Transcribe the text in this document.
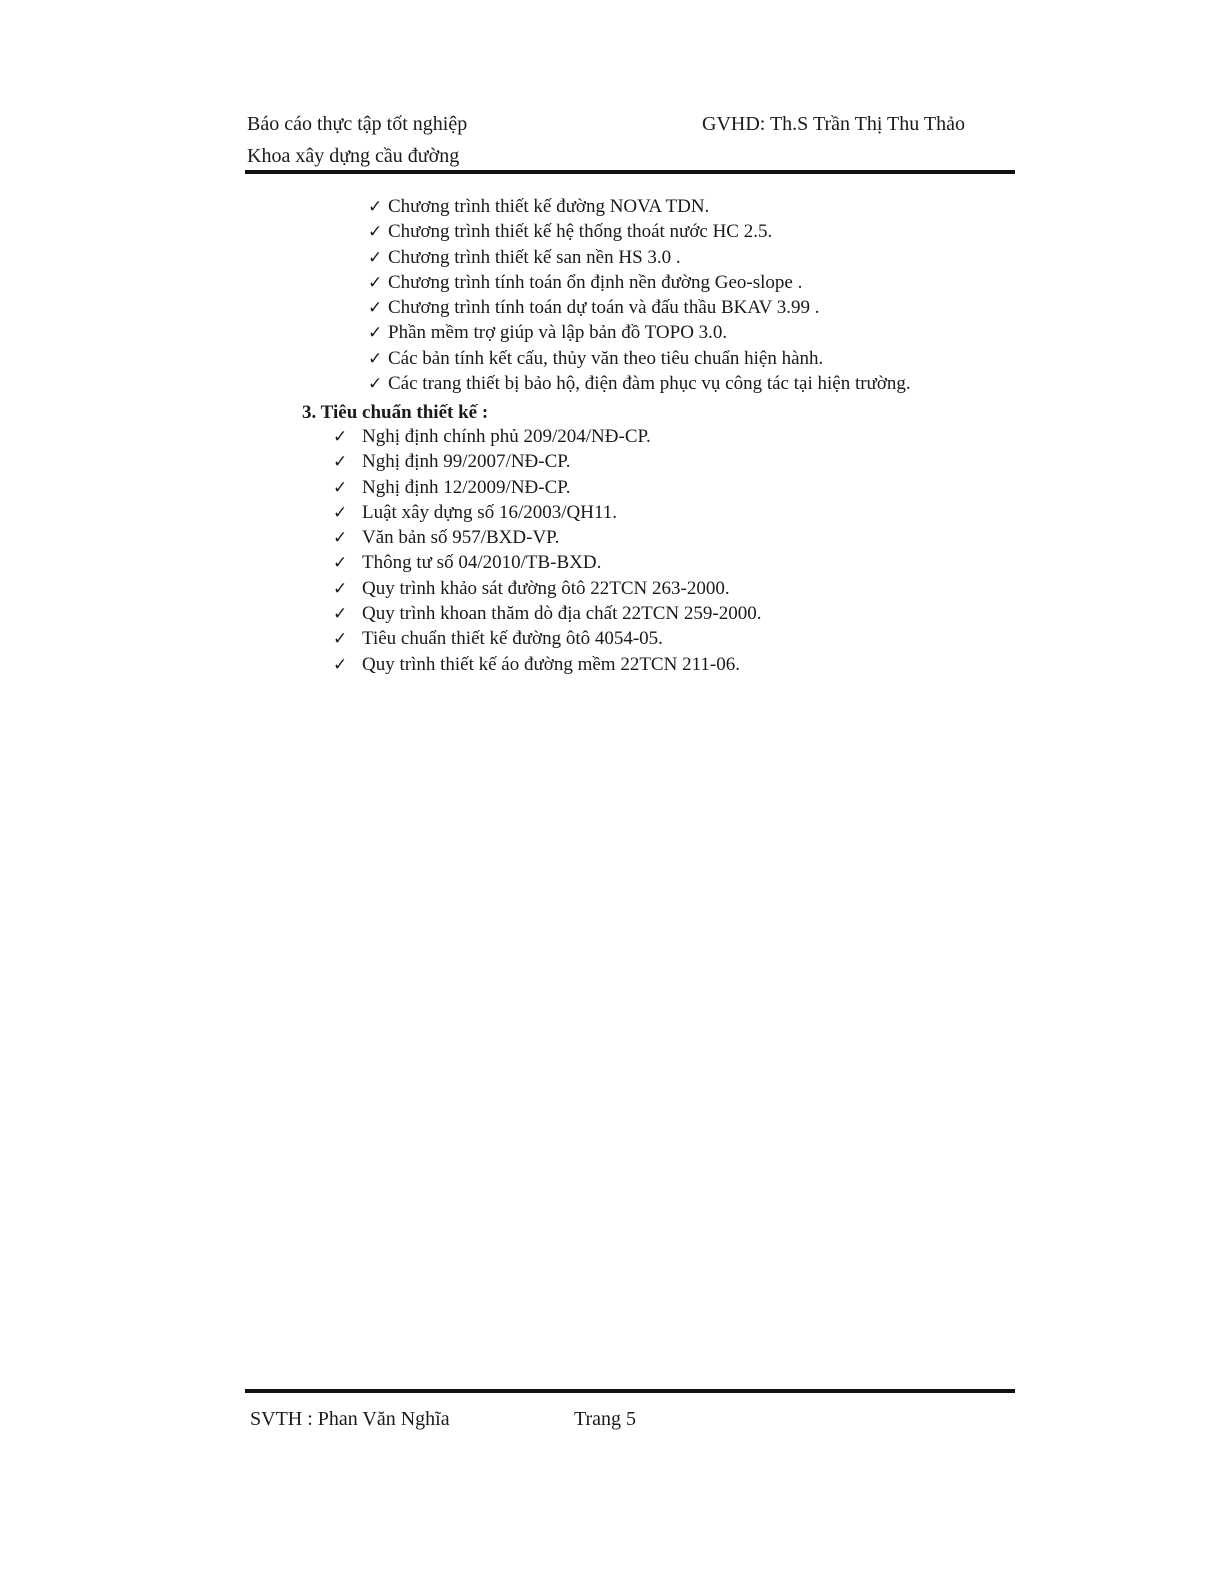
Báo cáo thực tập tốt nghiệp
Khoa xây dựng cầu đường
GVHD: Th.S Trần Thị Thu Thảo
✓ Chương trình thiết kế đường NOVA TDN.
✓ Chương trình thiết kế hệ thống thoát nước HC 2.5.
✓ Chương trình thiết kế san nền HS 3.0 .
✓ Chương trình tính toán ổn định nền đường Geo-slope .
✓ Chương trình tính toán dự toán và đấu thầu BKAV 3.99 .
✓ Phần mềm trợ giúp và lập bản đồ TOPO 3.0.
✓ Các bản tính kết cấu, thủy văn theo tiêu chuẩn hiện hành.
✓ Các trang thiết bị bảo hộ, điện đàm phục vụ công tác tại hiện trường.
3. Tiêu chuẩn thiết kế :
✓ Nghị định chính phủ 209/204/NĐ-CP.
✓ Nghị định 99/2007/NĐ-CP.
✓ Nghị định 12/2009/NĐ-CP.
✓ Luật xây dựng số 16/2003/QH11.
✓ Văn bản số 957/BXD-VP.
✓ Thông tư số 04/2010/TB-BXD.
✓ Quy trình khảo sát đường ôtô 22TCN 263-2000.
✓ Quy trình khoan thăm dò địa chất 22TCN 259-2000.
✓ Tiêu chuẩn thiết kế đường ôtô 4054-05.
✓ Quy trình thiết kế áo đường mềm 22TCN 211-06.
SVTH : Phan Văn Nghĩa	Trang 5
